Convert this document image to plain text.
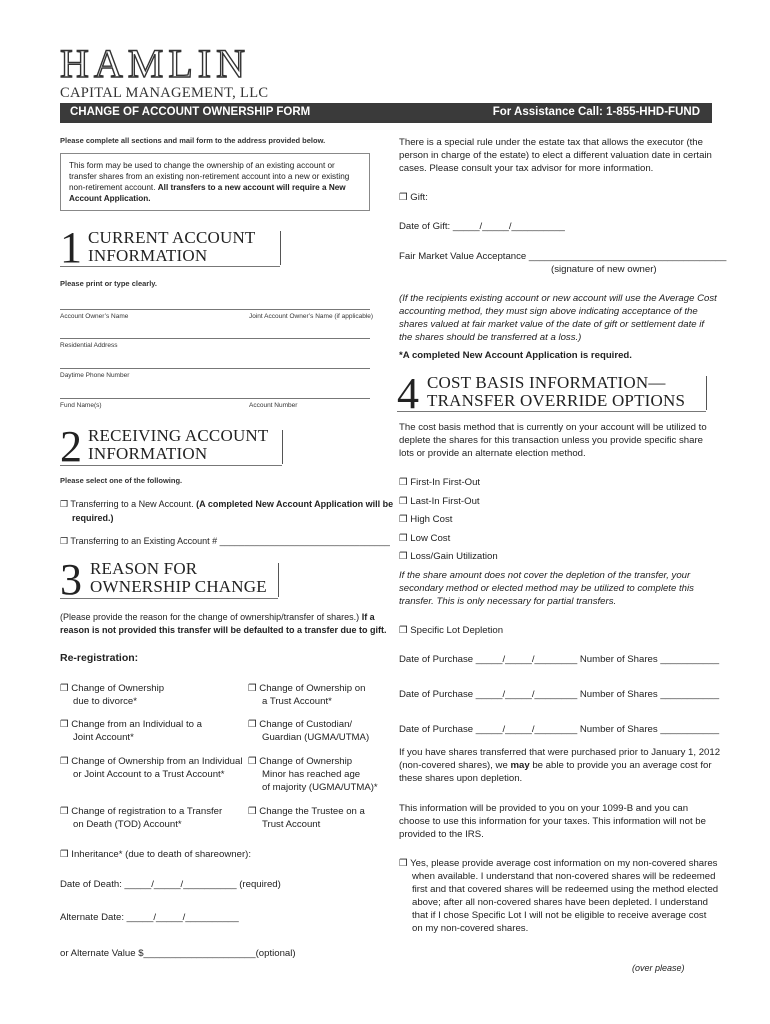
HAMLIN
CAPITAL MANAGEMENT, LLC
CHANGE OF ACCOUNT OWNERSHIP FORM	For Assistance Call: 1-855-HHD-FUND
Please complete all sections and mail form to the address provided below.
This form may be used to change the ownership of an existing account or transfer shares from an existing non-retirement account into a new or existing non-retirement account. All transfers to a new account will require a New Account Application.
1 CURRENT ACCOUNT
INFORMATION
Please print or type clearly.
Account Owner’s Name	Joint Account Owner’s Name (if applicable)
Residential Address
Daytime Phone Number
Fund Name(s)	Account Number
2 RECEIVING ACCOUNT
INFORMATION
Please select one of the following.
❒ Transferring to a New Account. (A completed New Account Application will be
required.)
❒ Transferring to an Existing Account # __________________________________
3 REASON FOR
OWNERSHIP CHANGE
(Please provide the reason for the change of ownership/transfer of shares.) If a
reason is not provided this transfer will be defaulted to a transfer due to gift.
Re-registration:
❒ Change of Ownership
due to divorce*
❒ Change of Ownership on
a Trust Account*
❒ Change from an Individual to a
Joint Account*
❒ Change of Custodian/
Guardian (UGMA/UTMA)
❒ Change of Ownership from an Individual
or Joint Account to a Trust Account*
❒ Change of Ownership
Minor has reached age
of majority (UGMA/UTMA)*
❒ Change of registration to a Transfer
on Death (TOD) Account*
❒ Change the Trustee on a
Trust Account
❒ Inheritance* (due to death of shareowner):
Date of Death: _____/_____/__________ (required)
Alternate Date: _____/_____/__________
or Alternate Value $_____________________(optional)
There is a special rule under the estate tax that allows the executor (the
person in charge of the estate) to elect a different valuation date in certain
cases. Please consult your tax advisor for more information.
❒ Gift:
Date of Gift: _____/_____/__________
Fair Market Value Acceptance _____________________________________
(signature of new owner)
(If the recipients existing account or new account will use the Average Cost
accounting method, they must sign above indicating acceptance of the
shares valued at fair market value of the date of gift or settlement date if
the shares should be transferred at a loss.)
*A completed New Account Application is required.
4 COST BASIS INFORMATION—
TRANSFER OVERRIDE OPTIONS
The cost basis method that is currently on your account will be utilized to
deplete the shares for this transaction unless you provide specific share
lots or provide an alternate election method.
❒ First-In First-Out
❒ Last-In First-Out
❒ High Cost
❒ Low Cost
❒ Loss/Gain Utilization
If the share amount does not cover the depletion of the transfer, your
secondary method or elected method may be utilized to complete this
transfer. This is only necessary for partial transfers.
❒ Specific Lot Depletion
Date of Purchase _____/_____/________ Number of Shares ___________
Date of Purchase _____/_____/________ Number of Shares ___________
Date of Purchase _____/_____/________ Number of Shares ___________
If you have shares transferred that were purchased prior to January 1, 2012
(non-covered shares), we may be able to provide you an average cost for
these shares upon depletion.
This information will be provided to you on your 1099-B and you can
choose to use this information for your taxes. This information will not be
provided to the IRS.
❒ Yes, please provide average cost information on my non-covered shares
when available. I understand that non-covered shares will be redeemed
first and that covered shares will be redeemed using the method elected
above; after all non-covered shares have been depleted. I understand
that if I chose Specific Lot I will not be eligible to receive average cost
on my non-covered shares.
(over please)
